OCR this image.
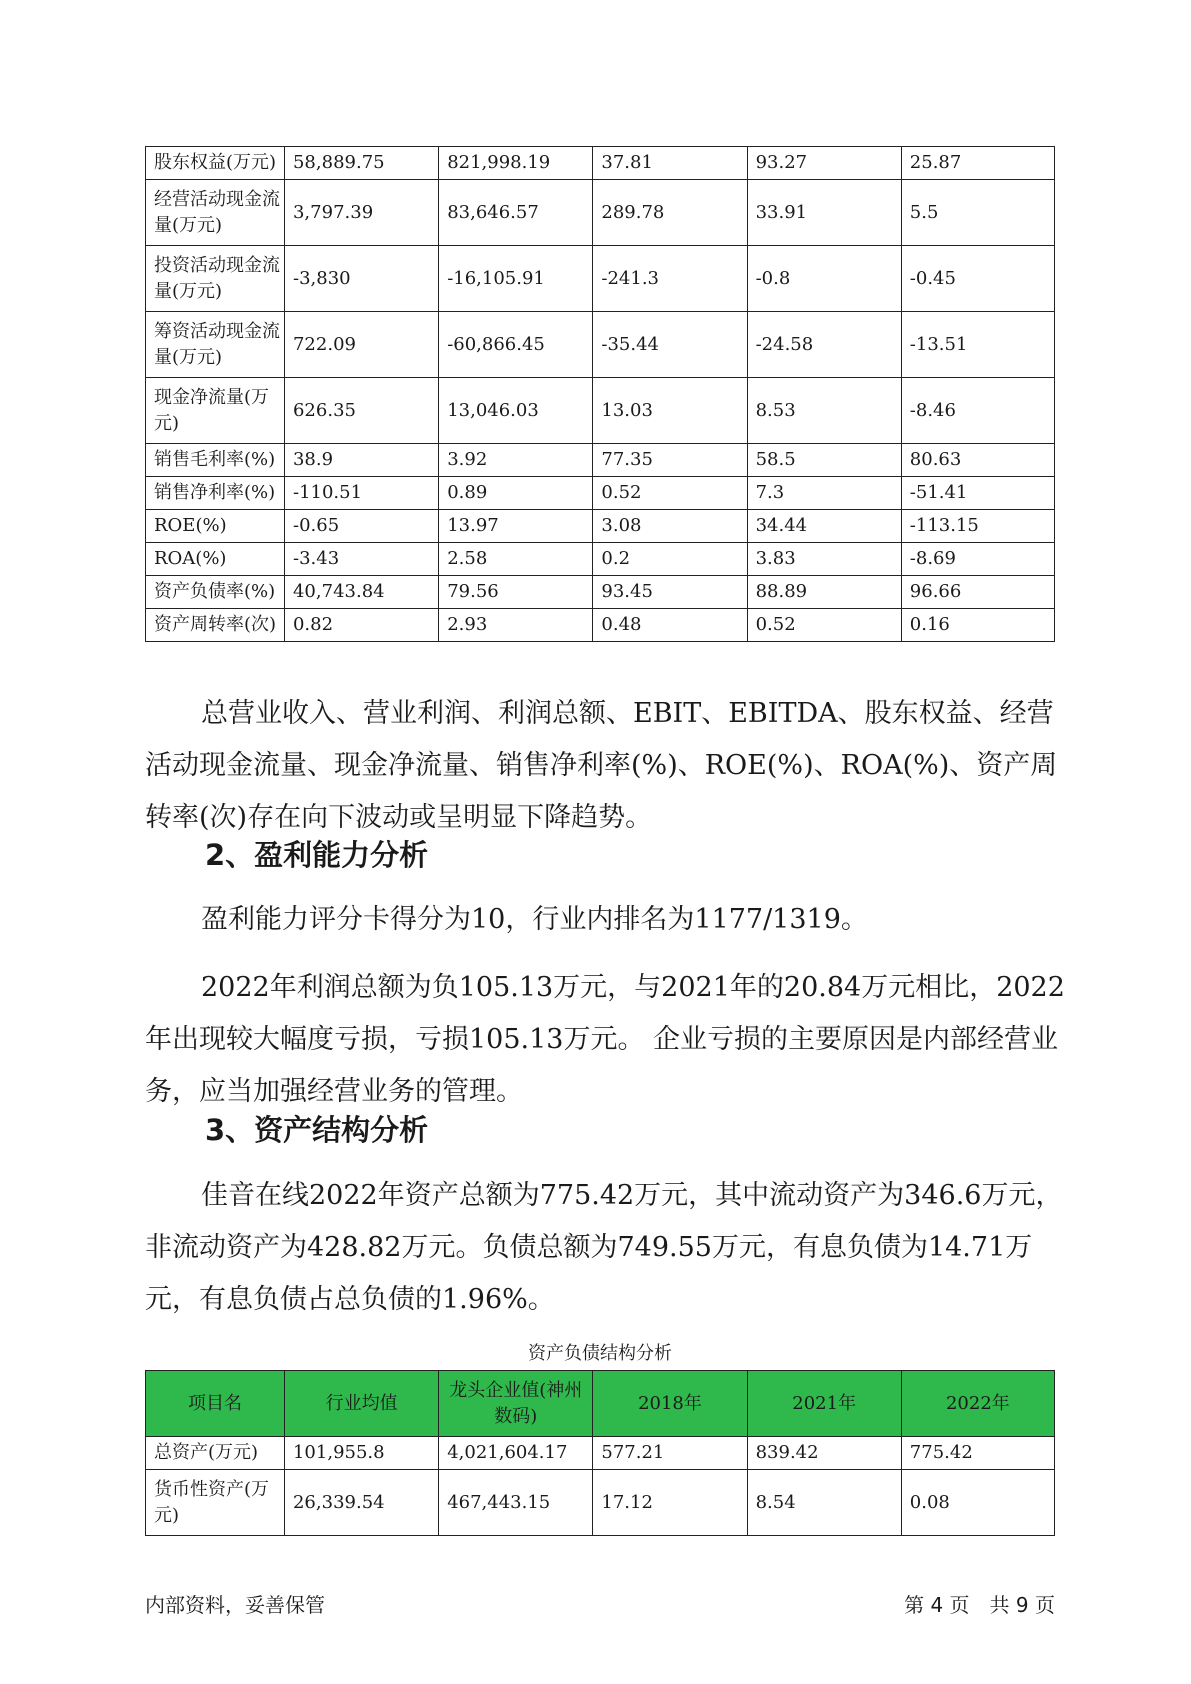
股东权益(万元)	58,889.75	821,998.19	37.81	93.27	25.87
经营活动现金流量(万元)	3,797.39	83,646.57	289.78	33.91	5.5
投资活动现金流量(万元)	-3,830	-16,105.91	-241.3	-0.8	-0.45
筹资活动现金流量(万元)	722.09	-60,866.45	-35.44	-24.58	-13.51
现金净流量(万元)	626.35	13,046.03	13.03	8.53	-8.46
销售毛利率(%)	38.9	3.92	77.35	58.5	80.63
销售净利率(%)	-110.51	0.89	0.52	7.3	-51.41
ROE(%)	-0.65	13.97	3.08	34.44	-113.15
ROA(%)	-3.43	2.58	0.2	3.83	-8.69
资产负债率(%)	40,743.84	79.56	93.45	88.89	96.66
资产周转率(次)	0.82	2.93	0.48	0.52	0.16

总营业收入、营业利润、利润总额、EBIT、EBITDA、股东权益、经营活动现金流量、现金净流量、销售净利率(%)、ROE(%)、ROA(%)、资产周转率(次)存在向下波动或呈明显下降趋势。

2、盈利能力分析

盈利能力评分卡得分为10，行业内排名为1177/1319。

2022年利润总额为负105.13万元，与2021年的20.84万元相比，2022年出现较大幅度亏损，亏损105.13万元。 企业亏损的主要原因是内部经营业务，应当加强经营业务的管理。

3、资产结构分析

佳音在线2022年资产总额为775.42万元，其中流动资产为346.6万元，非流动资产为428.82万元。负债总额为749.55万元，有息负债为14.71万元，有息负债占总负债的1.96%。

资产负债结构分析
项目名	行业均值	龙头企业值(神州数码)	2018年	2021年	2022年
总资产(万元)	101,955.8	4,021,604.17	577.21	839.42	775.42
货币性资产(万元)	26,339.54	467,443.15	17.12	8.54	0.08
内部资料，妥善保管	第 4 页　共 9 页
